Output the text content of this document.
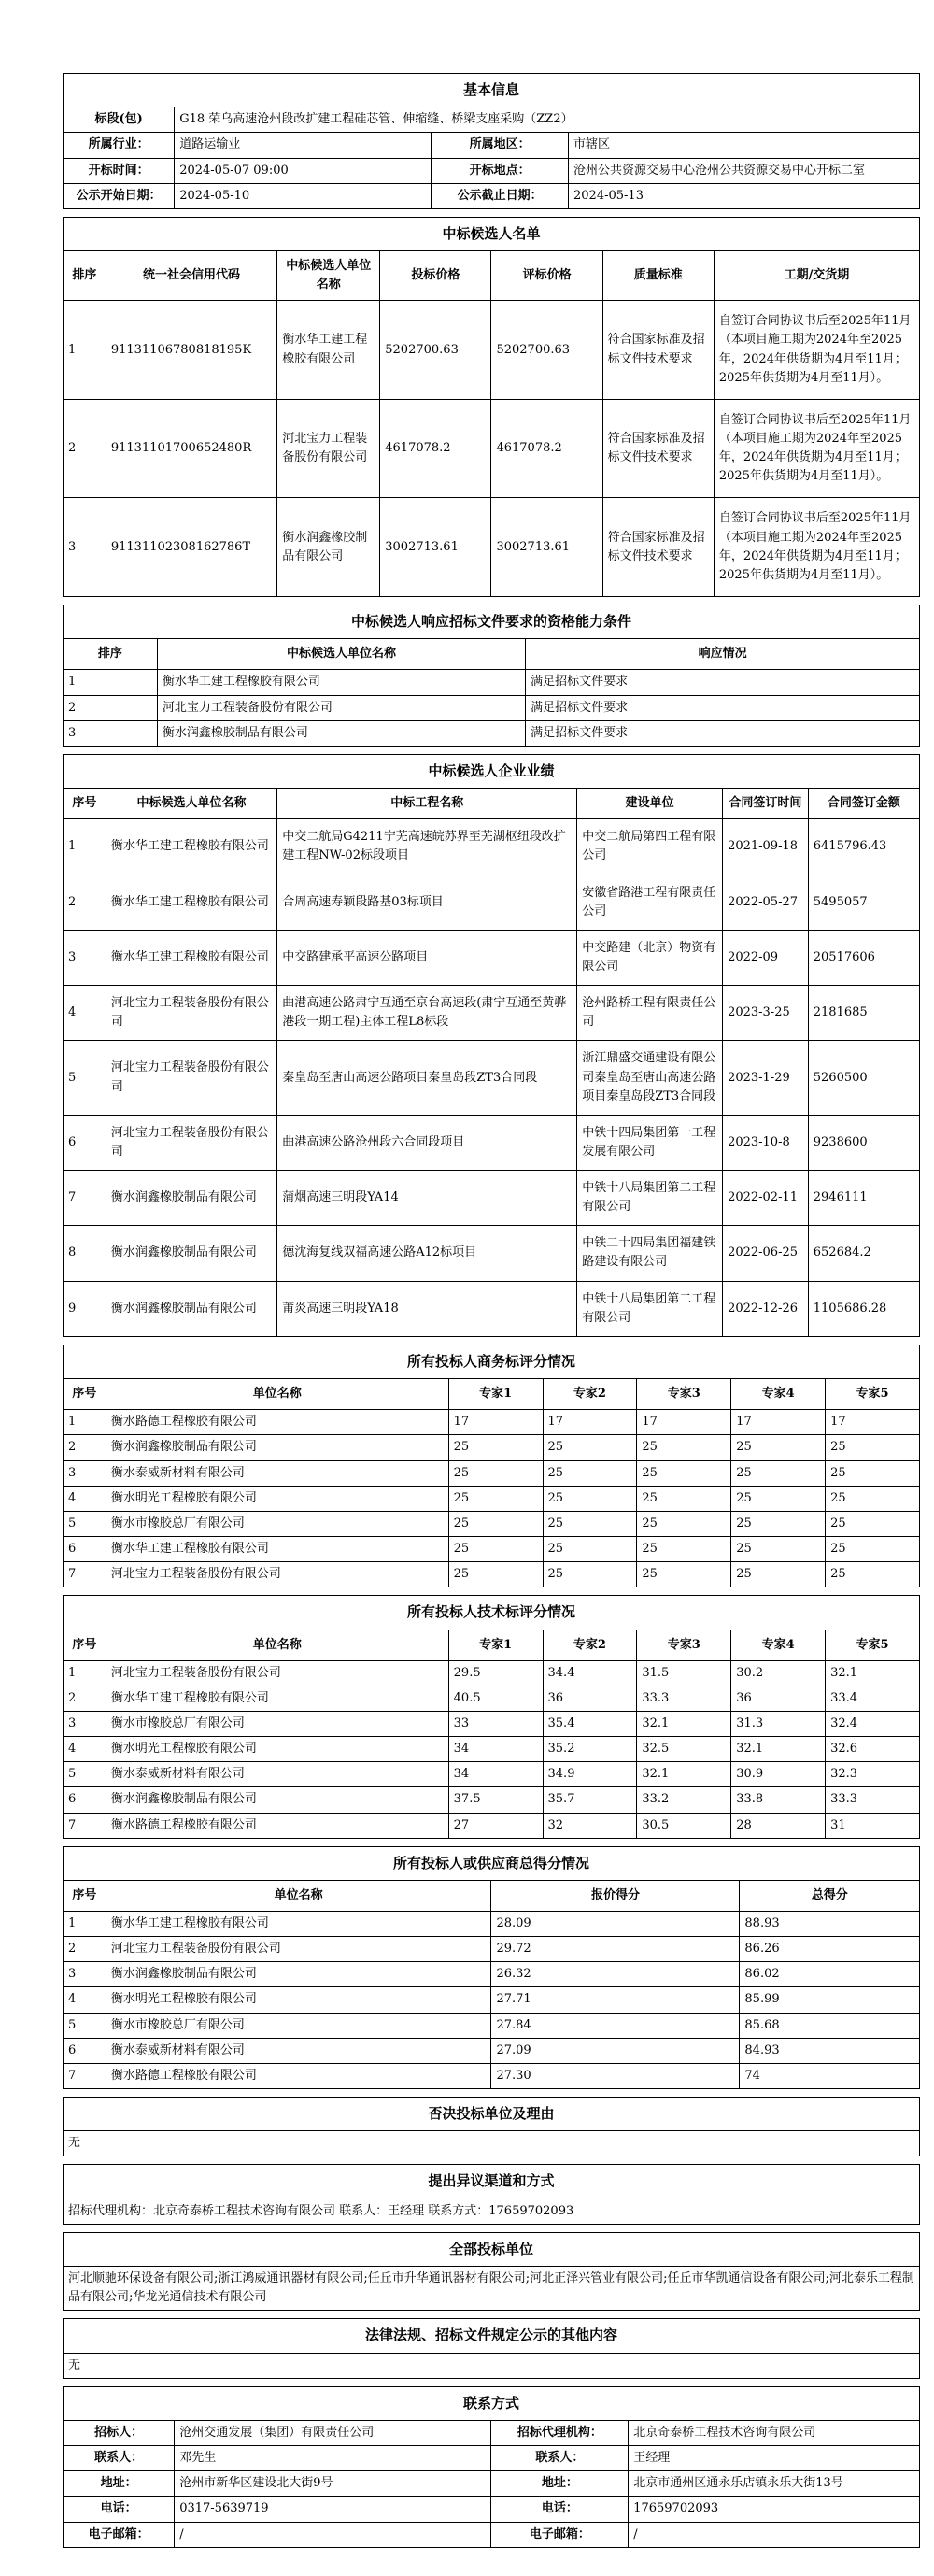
基本信息			
标段(包)	G18 荣乌高速沧州段改扩建工程硅芯管、伸缩缝、桥梁支座采购（ZZ2）		
所属行业：	道路运输业	所属地区：	市辖区
开标时间：	2024-05-07 09:00	开标地点：	沧州公共资源交易中心沧州公共资源交易中心开标二室
公示开始日期：	2024-05-10	公示截止日期：	2024-05-13
中标候选人名单						
排序	统一社会信用代码	中标候选人单位名称	投标价格	评标价格	质量标准	工期/交货期
1	91131106780818195K	衡水华工建工程橡胶有限公司	5202700.63	5202700.63	符合国家标准及招标文件技术要求	自签订合同协议书后至2025年11月（本项目施工期为2024年至2025年，2024年供货期为4月至11月；2025年供货期为4月至11月）。
2	91131101700652480R	河北宝力工程装备股份有限公司	4617078.2	4617078.2	符合国家标准及招标文件技术要求	自签订合同协议书后至2025年11月（本项目施工期为2024年至2025年，2024年供货期为4月至11月；2025年供货期为4月至11月）。
3	91131102308162786T	衡水润鑫橡胶制品有限公司	3002713.61	3002713.61	符合国家标准及招标文件技术要求	自签订合同协议书后至2025年11月（本项目施工期为2024年至2025年，2024年供货期为4月至11月；2025年供货期为4月至11月）。
中标候选人响应招标文件要求的资格能力条件		
排序	中标候选人单位名称	响应情况
1	衡水华工建工程橡胶有限公司	满足招标文件要求
2	河北宝力工程装备股份有限公司	满足招标文件要求
3	衡水润鑫橡胶制品有限公司	满足招标文件要求
中标候选人企业业绩					
序号	中标候选人单位名称	中标工程名称	建设单位	合同签订时间	合同签订金额
1	衡水华工建工程橡胶有限公司	中交二航局G4211宁芜高速皖苏界至芜湖枢纽段改扩建工程NW-02标段项目	中交二航局第四工程有限公司	2021-09-18	6415796.43
2	衡水华工建工程橡胶有限公司	合周高速寿颖段路基03标项目	安徽省路港工程有限责任公司	2022-05-27	5495057
3	衡水华工建工程橡胶有限公司	中交路建承平高速公路项目	中交路建（北京）物资有限公司	2022-09	20517606
4	河北宝力工程装备股份有限公司	曲港高速公路肃宁互通至京台高速段(肃宁互通至黄骅港段一期工程)主体工程L8标段	沧州路桥工程有限责任公司	2023-3-25	2181685
5	河北宝力工程装备股份有限公司	秦皇岛至唐山高速公路项目秦皇岛段ZT3合同段	浙江鼎盛交通建设有限公司秦皇岛至唐山高速公路项目秦皇岛段ZT3合同段	2023-1-29	5260500
6	河北宝力工程装备股份有限公司	曲港高速公路沧州段六合同段项目	中铁十四局集团第一工程发展有限公司	2023-10-8	9238600
7	衡水润鑫橡胶制品有限公司	蒲烟高速三明段YA14	中铁十八局集团第二工程有限公司	2022-02-11	2946111
8	衡水润鑫橡胶制品有限公司	德沈海复线双福高速公路A12标项目	中铁二十四局集团福建铁路建设有限公司	2022-06-25	652684.2
9	衡水润鑫橡胶制品有限公司	莆炎高速三明段YA18	中铁十八局集团第二工程有限公司	2022-12-26	1105686.28
所有投标人商务标评分情况						
序号	单位名称	专家1	专家2	专家3	专家4	专家5
1	衡水路德工程橡胶有限公司	17	17	17	17	17
2	衡水润鑫橡胶制品有限公司	25	25	25	25	25
3	衡水泰威新材料有限公司	25	25	25	25	25
4	衡水明光工程橡胶有限公司	25	25	25	25	25
5	衡水市橡胶总厂有限公司	25	25	25	25	25
6	衡水华工建工程橡胶有限公司	25	25	25	25	25
7	河北宝力工程装备股份有限公司	25	25	25	25	25
所有投标人技术标评分情况						
序号	单位名称	专家1	专家2	专家3	专家4	专家5
1	河北宝力工程装备股份有限公司	29.5	34.4	31.5	30.2	32.1
2	衡水华工建工程橡胶有限公司	40.5	36	33.3	36	33.4
3	衡水市橡胶总厂有限公司	33	35.4	32.1	31.3	32.4
4	衡水明光工程橡胶有限公司	34	35.2	32.5	32.1	32.6
5	衡水泰威新材料有限公司	34	34.9	32.1	30.9	32.3
6	衡水润鑫橡胶制品有限公司	37.5	35.7	33.2	33.8	33.3
7	衡水路德工程橡胶有限公司	27	32	30.5	28	31
所有投标人或供应商总得分情况			
序号	单位名称	报价得分	总得分
1	衡水华工建工程橡胶有限公司	28.09	88.93
2	河北宝力工程装备股份有限公司	29.72	86.26
3	衡水润鑫橡胶制品有限公司	26.32	86.02
4	衡水明光工程橡胶有限公司	27.71	85.99
5	衡水市橡胶总厂有限公司	27.84	85.68
6	衡水泰威新材料有限公司	27.09	84.93
7	衡水路德工程橡胶有限公司	27.30	74
否决投标单位及理由
无
提出异议渠道和方式
招标代理机构：北京奇泰桥工程技术咨询有限公司 联系人：王经理 联系方式：17659702093
全部投标单位
河北顺驰环保设备有限公司;浙江鸿威通讯器材有限公司;任丘市升华通讯器材有限公司;河北正泽兴管业有限公司;任丘市华凯通信设备有限公司;河北泰乐工程制品有限公司;华龙光通信技术有限公司
法律法规、招标文件规定公示的其他内容
无
联系方式			
招标人：	沧州交通发展（集团）有限责任公司	招标代理机构：	北京奇泰桥工程技术咨询有限公司
联系人：	邓先生	联系人：	王经理
地址：	沧州市新华区建设北大街9号	地址：	北京市通州区通永乐店镇永乐大街13号
电话：	0317-5639719	电话：	17659702093
电子邮箱：	/	电子邮箱：	/
